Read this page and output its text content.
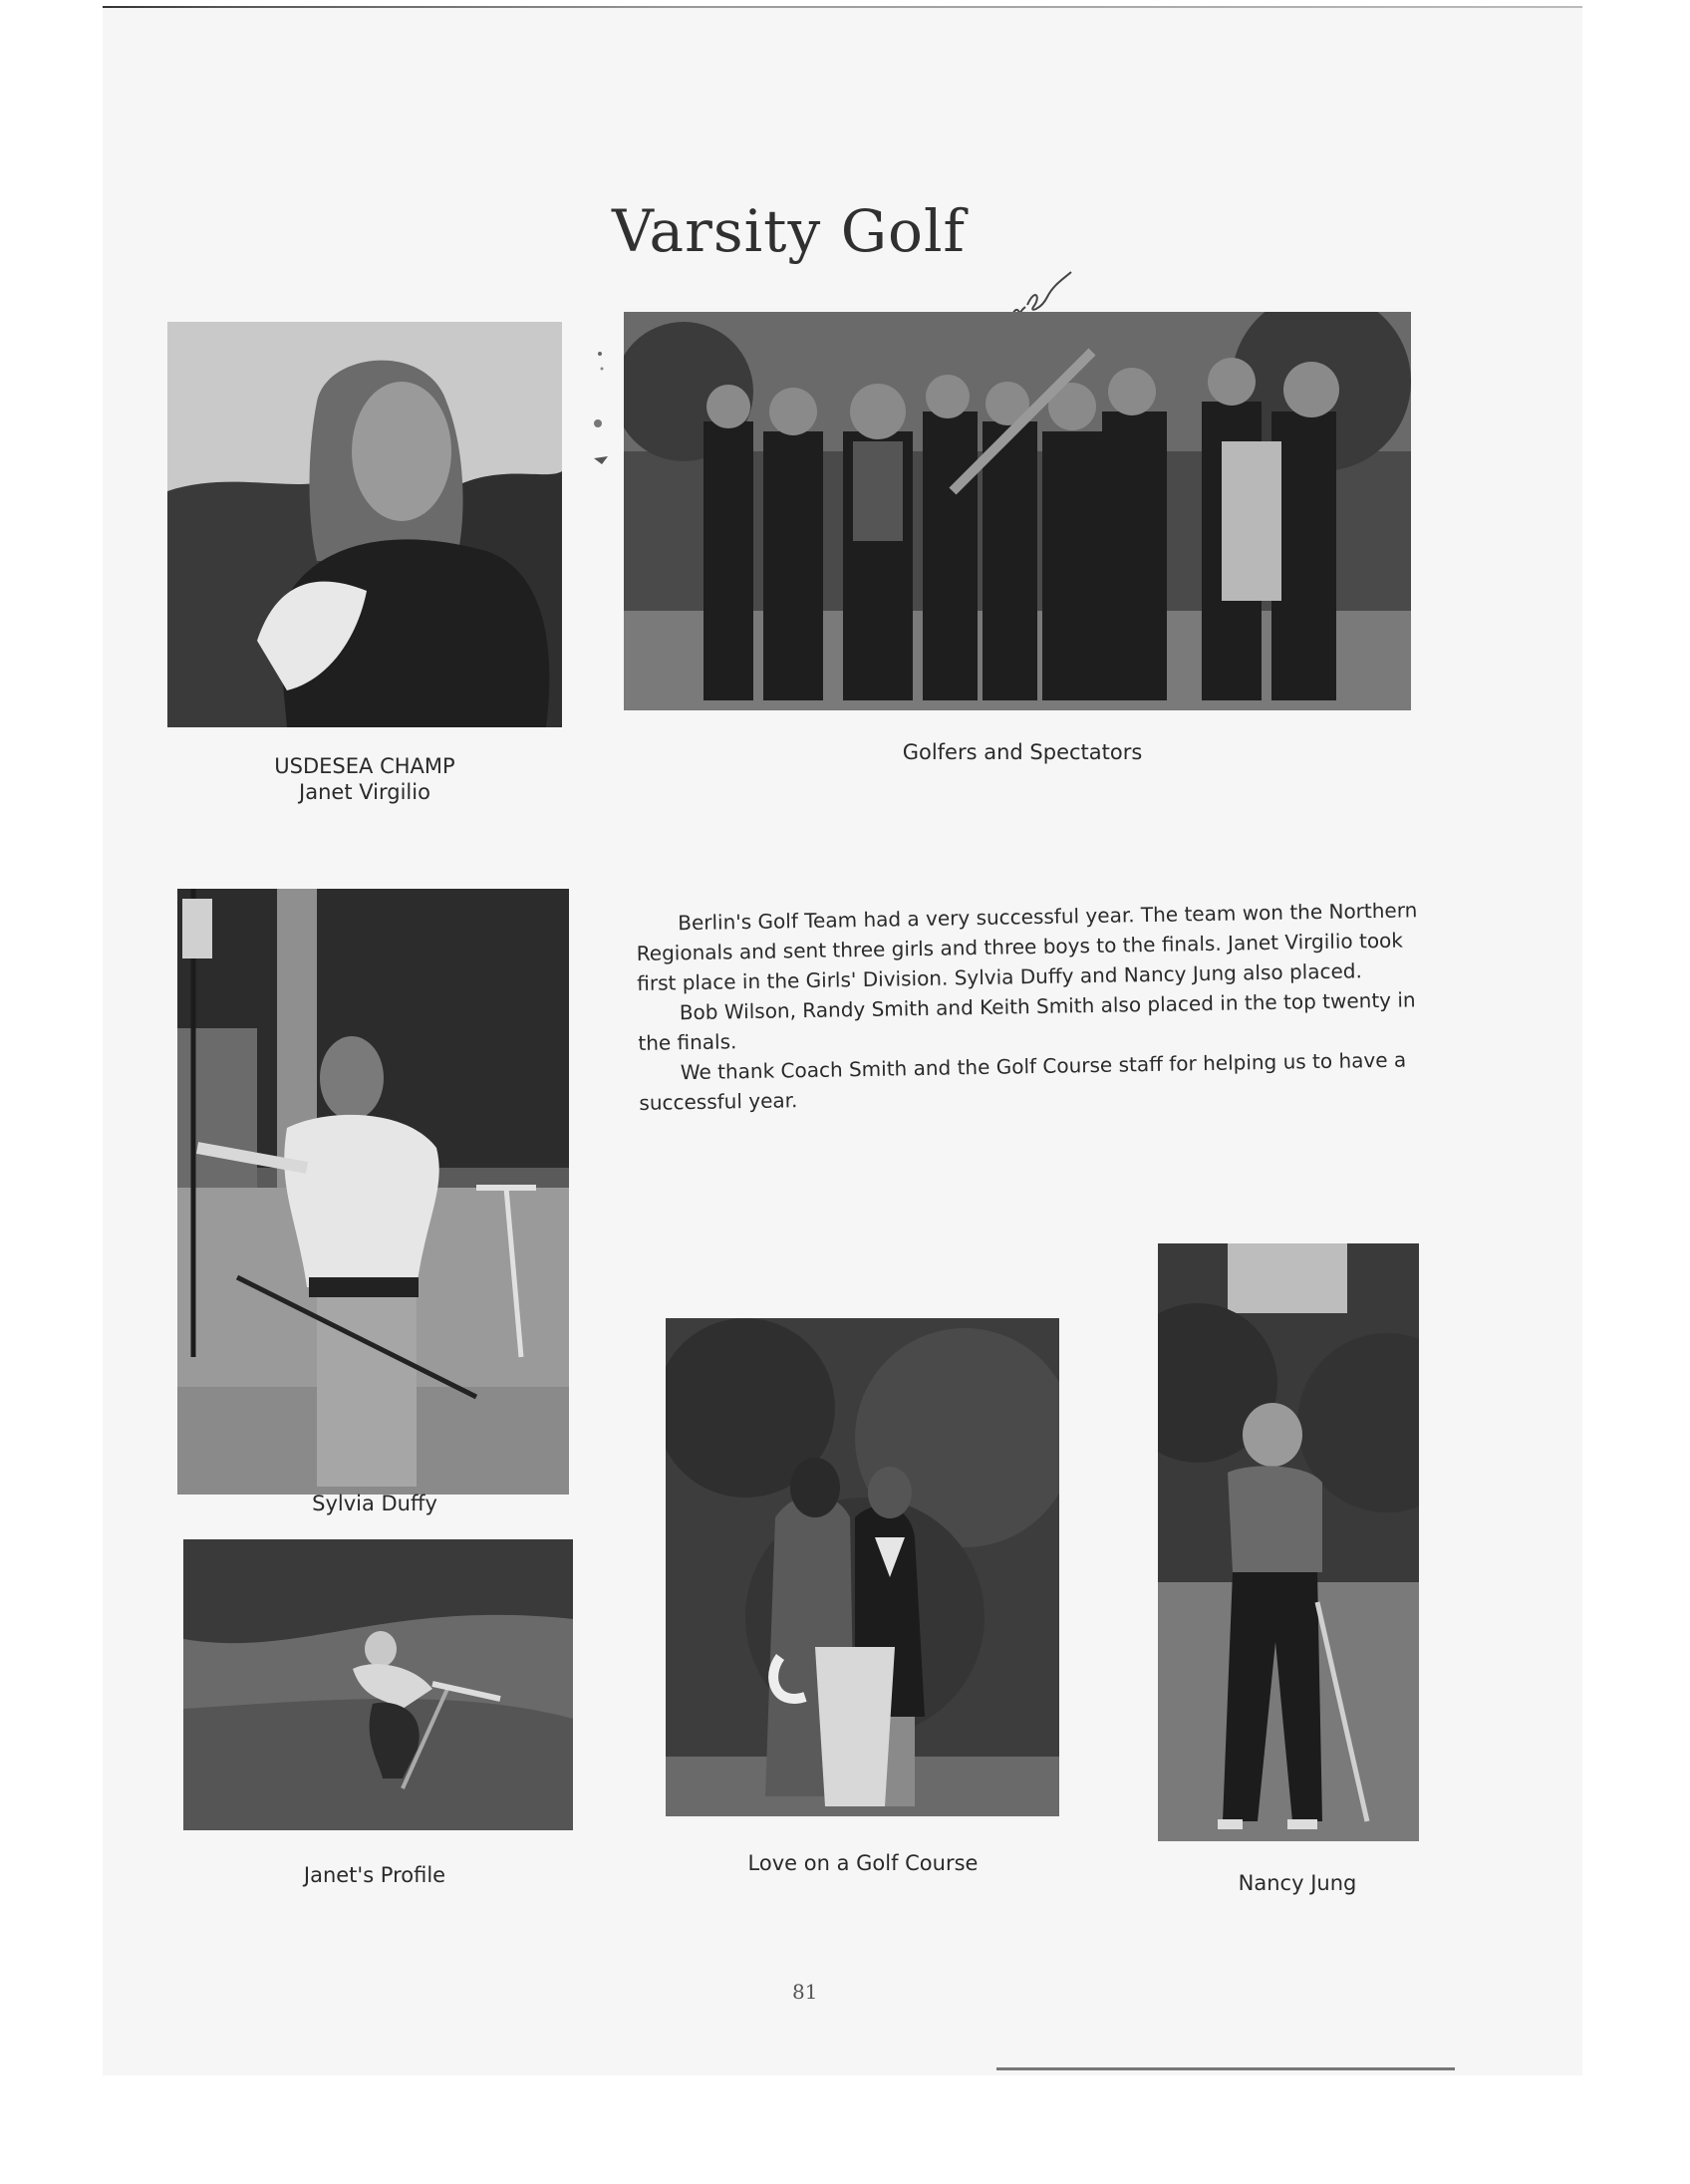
Varsity Golf
USDESEA CHAMP
Janet Virgilio
Golfers and Spectators
Sylvia Duffy
Janet's Profile	Love on a Golf Course
Nancy Jung

Berlin's Golf Team had a very successful year. The team won the Northern Regionals and sent three girls and three boys to the finals. Janet Virgilio took first place in the Girls' Division. Sylvia Duffy and Nancy Jung also placed.

Bob Wilson, Randy Smith and Keith Smith also placed in the top twenty in the finals.

We thank Coach Smith and the Golf Course staff for helping us to have a successful year.

81
